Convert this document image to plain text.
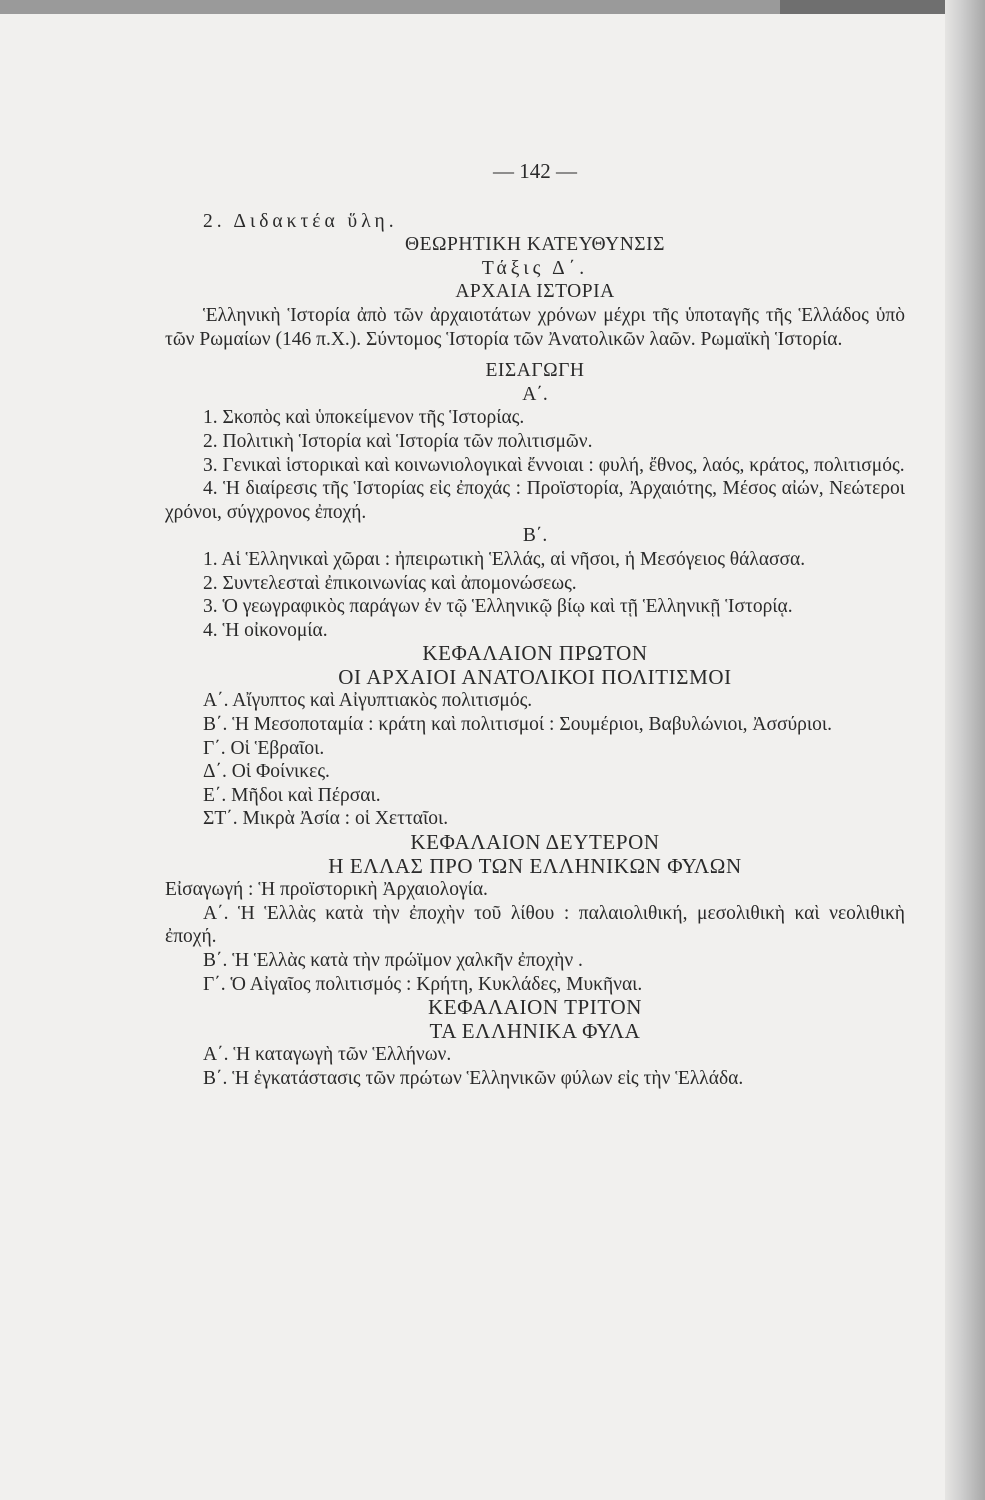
— 142 —

2. Διδακτέα ὕλη.

ΘΕΩΡΗΤΙΚΗ ΚΑΤΕΥΘΥΝΣΙΣ
Τάξις Δ΄.
ΑΡΧΑΙΑ ΙΣΤΟΡΙΑ

Ἑλληνικὴ Ἱστορία ἀπὸ τῶν ἀρχαιοτάτων χρόνων μέχρι τῆς ὑποταγῆς τῆς Ἑλλάδος ὑπὸ τῶν Ρωμαίων (146 π.Χ.). Σύντομος Ἱστορία τῶν Ἀνατολικῶν λαῶν. Ρωμαϊκὴ Ἱστορία.

ΕΙΣΑΓΩΓΗ
Α΄.

1. Σκοπὸς καὶ ὑποκείμενον τῆς Ἱστορίας.

2. Πολιτικὴ Ἱστορία καὶ Ἱστορία τῶν πολιτισμῶν.

3. Γενικαὶ ἱστορικαὶ καὶ κοινωνιολογικαὶ ἔννοιαι : φυλή, ἔθνος, λαός, κράτος, πολιτισμός.

4. Ἡ διαίρεσις τῆς Ἱστορίας εἰς ἐποχάς : Προϊστορία, Ἀρχαιότης, Μέσος αἰών, Νεώτεροι χρόνοι, σύγχρονος ἐποχή.

Β΄.

1. Αἱ Ἑλληνικαὶ χῶραι : ἠπειρωτικὴ Ἑλλάς, αἱ νῆσοι, ἡ Μεσόγειος θάλασσα.

2. Συντελεσταὶ ἐπικοινωνίας καὶ ἀπομονώσεως.

3. Ὁ γεωγραφικὸς παράγων ἐν τῷ Ἑλληνικῷ βίῳ καὶ τῇ Ἑλληνικῇ Ἱστορίᾳ.

4. Ἡ οἰκονομία.

ΚΕΦΑΛΑΙΟΝ ΠΡΩΤΟΝ
ΟΙ ΑΡΧΑΙΟΙ ΑΝΑΤΟΛΙΚΟΙ ΠΟΛΙΤΙΣΜΟΙ

Α΄. Αἴγυπτος καὶ Αἰγυπτιακὸς πολιτισμός.

Β΄. Ἡ Μεσοποταμία : κράτη καὶ πολιτισμοί : Σουμέριοι, Βαβυλώνιοι, Ἀσσύριοι.

Γ΄. Οἱ Ἑβραῖοι.

Δ΄. Οἱ Φοίνικες.

Ε΄. Μῆδοι καὶ Πέρσαι.

ΣΤ΄. Μικρὰ Ἀσία : οἱ Χετταῖοι.

ΚΕΦΑΛΑΙΟΝ ΔΕΥΤΕΡΟΝ
Η ΕΛΛΑΣ ΠΡΟ ΤΩΝ ΕΛΛΗΝΙΚΩΝ ΦΥΛΩΝ

Εἰσαγωγή : Ἡ προϊστορικὴ Ἀρχαιολογία.

Α΄. Ἡ Ἑλλὰς κατὰ τὴν ἐποχὴν τοῦ λίθου : παλαιολιθική, μεσολιθικὴ καὶ νεολιθικὴ ἐποχή.

Β΄. Ἡ Ἑλλὰς κατὰ τὴν πρώϊμον χαλκῆν ἐποχὴν .

Γ΄. Ὁ Αἰγαῖος πολιτισμός : Κρήτη, Κυκλάδες, Μυκῆναι.

ΚΕΦΑΛΑΙΟΝ ΤΡΙΤΟΝ
ΤΑ ΕΛΛΗΝΙΚΑ ΦΥΛΑ

Α΄. Ἡ καταγωγὴ τῶν Ἑλλήνων.

Β΄. Ἡ ἐγκατάστασις τῶν πρώτων Ἑλληνικῶν φύλων εἰς τὴν Ἑλλάδα.
